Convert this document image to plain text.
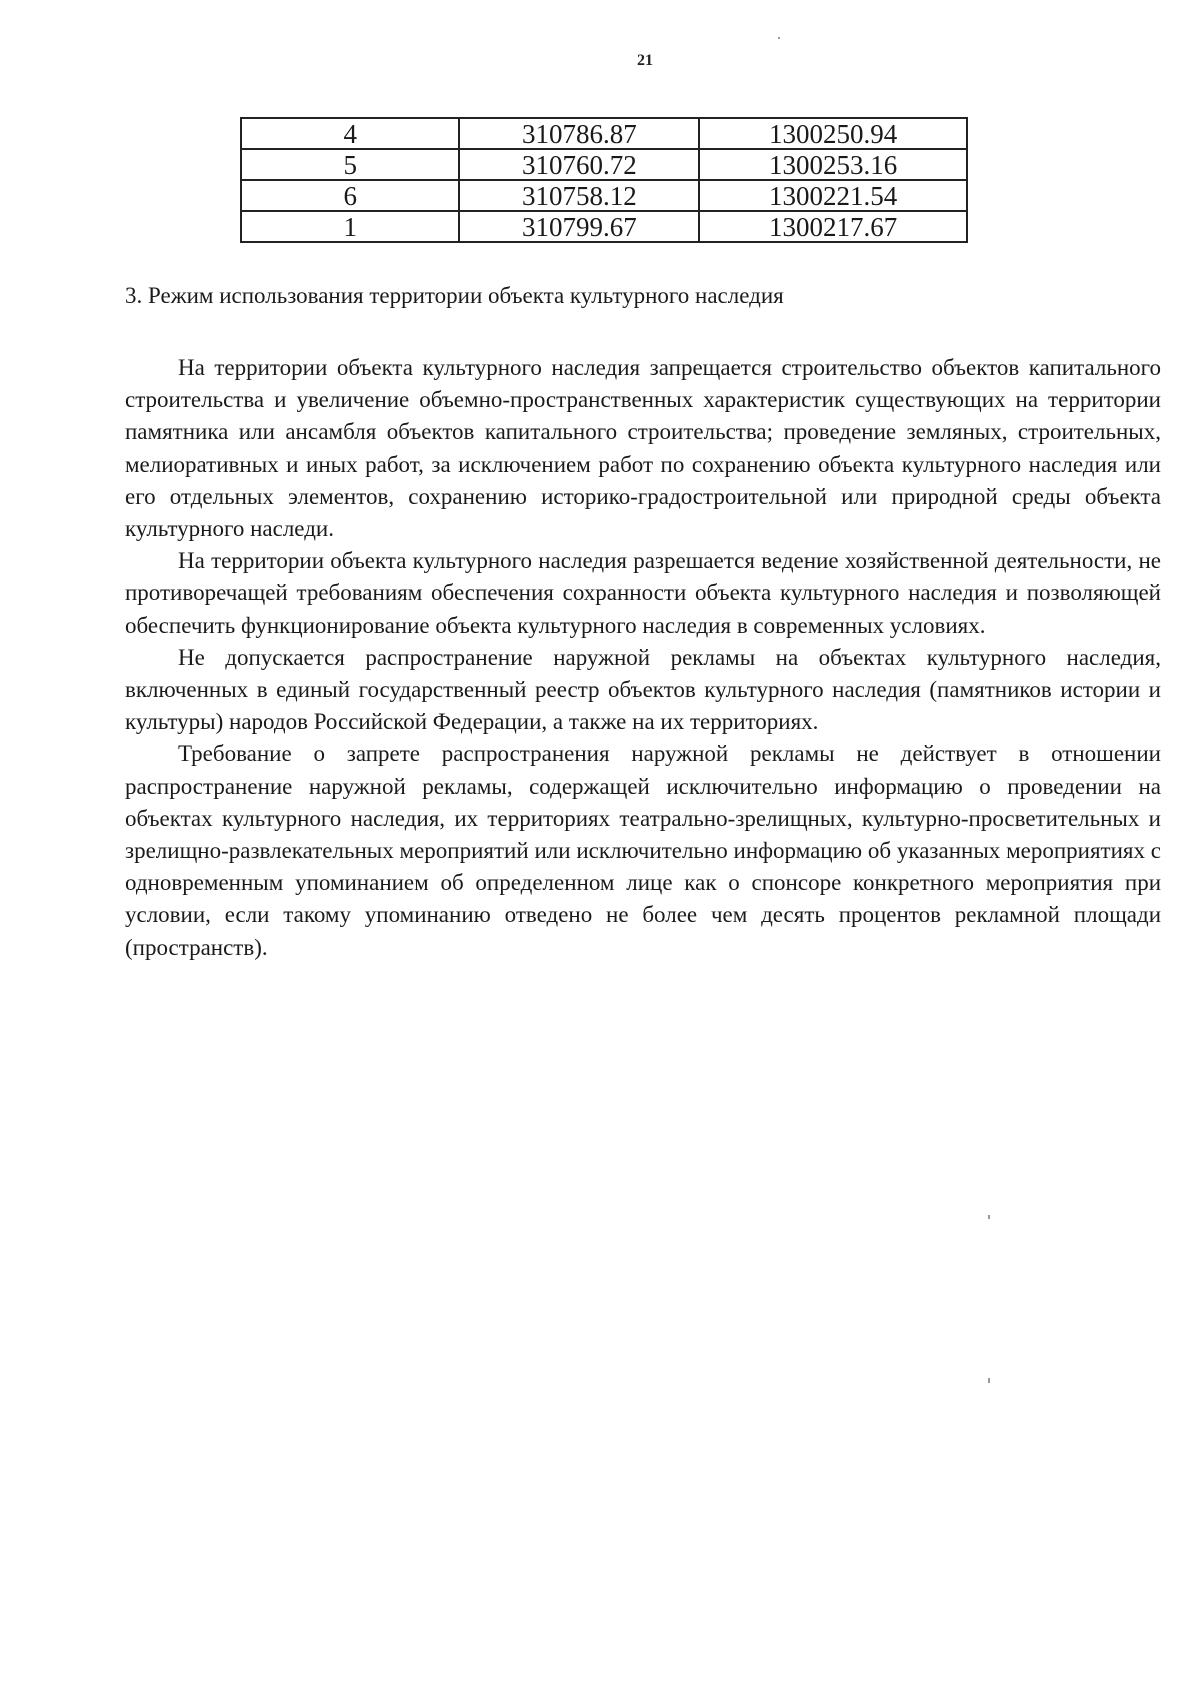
21
4	310786.87	1300250.94
5	310760.72	1300253.16
6	310758.12	1300221.54
1	310799.67	1300217.67
3. Режим использования территории объекта культурного наследия

На территории объекта культурного наследия запрещается строительство объектов капитального строительства и увеличение объемно-пространственных характеристик существующих на территории памятника или ансамбля объектов капитального строительства; проведение земляных, строительных, мелиоративных и иных работ, за исключением работ по сохранению объекта культурного наследия или его отдельных элементов, сохранению историко-градостроительной или природной среды объекта культурного наследи.

На территории объекта культурного наследия разрешается ведение хозяйственной деятельности, не противоречащей требованиям обеспечения сохранности объекта культурного наследия и позволяющей обеспечить функционирование объекта культурного наследия в современных условиях.

Не допускается распространение наружной рекламы на объектах культурного наследия, включенных в единый государственный реестр объектов культурного наследия (памятников истории и культуры) народов Российской Федерации, а также на их территориях.

Требование о запрете распространения наружной рекламы не действует в отношении распространение наружной рекламы, содержащей исключительно информацию о проведении на объектах культурного наследия, их территориях театрально-зрелищных, культурно-просветительных и зрелищно-развлекательных мероприятий или исключительно информацию об указанных мероприятиях с одновременным упоминанием об определенном лице как о спонсоре конкретного мероприятия при условии, если такому упоминанию отведено не более чем десять процентов рекламной площади (пространств).
